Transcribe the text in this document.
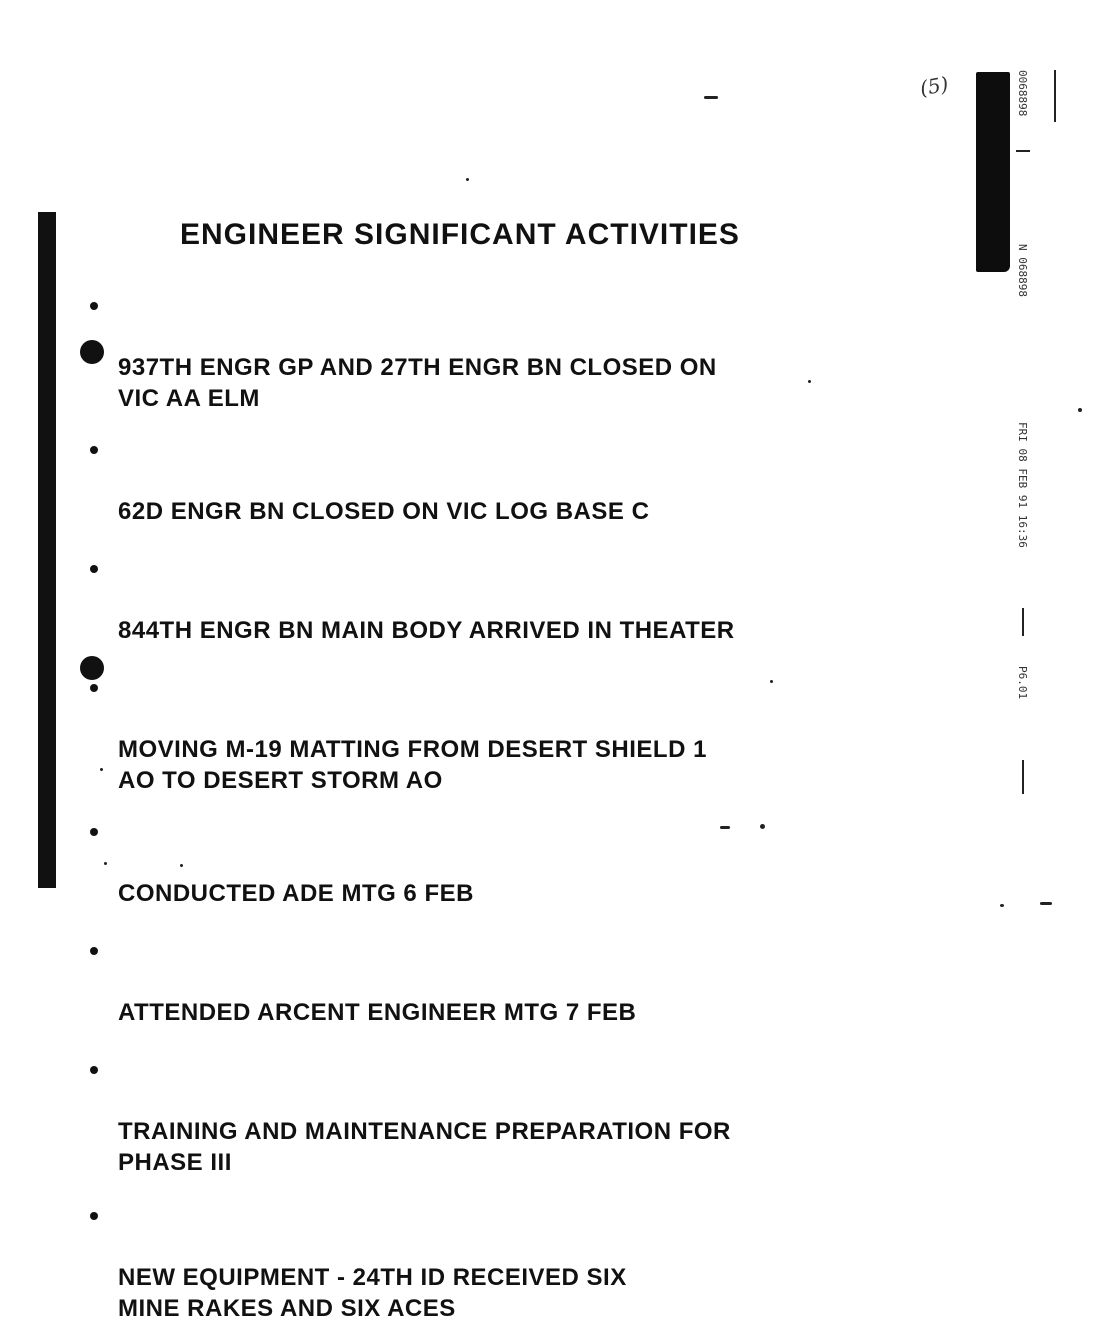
(5)	0068898
N 068898
FRI 08 FEB 91 16:36
P6.01
ENGINEER SIGNIFICANT ACTIVITIES

937TH ENGR GP AND 27TH ENGR BN CLOSED ON
VIC AA ELM

62D ENGR BN CLOSED ON VIC LOG BASE C

844TH ENGR BN MAIN BODY ARRIVED IN THEATER

MOVING M-19 MATTING FROM DESERT SHIELD 1
AO TO DESERT STORM AO

CONDUCTED ADE MTG 6 FEB

ATTENDED ARCENT ENGINEER MTG 7 FEB

TRAINING AND MAINTENANCE PREPARATION FOR
PHASE III

NEW EQUIPMENT - 24TH ID RECEIVED SIX
MINE RAKES AND SIX ACES
